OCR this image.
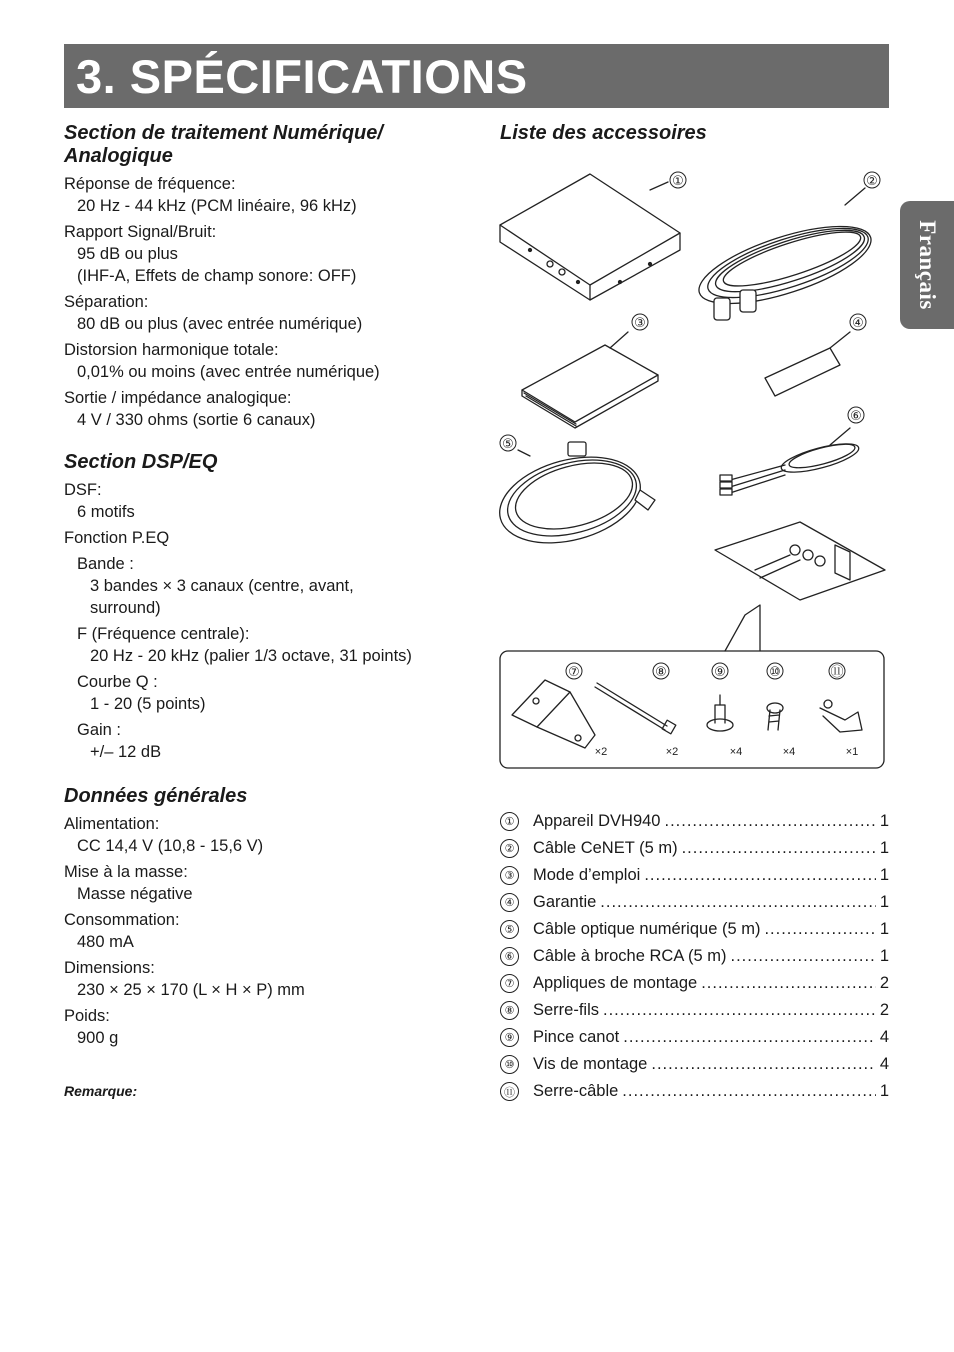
3. SPÉCIFICATIONS
Français
Section de traitement Numérique/
Analogique
Réponse de fréquence:
20 Hz - 44 kHz (PCM linéaire, 96 kHz)
Rapport Signal/Bruit:
95 dB ou plus
(IHF-A, Effets de champ sonore: OFF)
Séparation:
80 dB ou plus (avec entrée numérique)
Distorsion harmonique totale:
0,01% ou moins (avec entrée numérique)
Sortie / impédance analogique:
4 V / 330 ohms (sortie 6 canaux)
Section DSP/EQ
DSF:
6 motifs
Fonction P.EQ
Bande :
3 bandes × 3 canaux (centre, avant,
surround)
F (Fréquence centrale):
20 Hz - 20 kHz (palier 1/3 octave, 31 points)
Courbe Q :
1 - 20 (5 points)
Gain :
+/– 12 dB
Données générales
Alimentation:
CC 14,4 V (10,8 - 15,6 V)
Mise à la masse:
Masse négative
Consommation:
480 mA
Dimensions:
230 × 25 × 170 (L × H × P) mm
Poids:
900 g
Remarque:
Liste des accessoires
①	②
③	④
⑤
⑥
⑦	⑧	⑨	⑩	⑪
×2	×2	×4	×4	×1
① Appareil DVH940 .....	1
② Câble CeNET (5 m) .....	1
③ Mode d’emploi .....	1
④ Garantie .....	1
⑤ Câble optique numérique (5 m) .....	1
⑥ Câble à broche RCA (5 m) .....	1
⑦ Appliques de montage .....	2
⑧ Serre-fils .....	2
⑨ Pince canot .....	4
⑩ Vis de montage .....	4
⑪ Serre-câble .....	1
